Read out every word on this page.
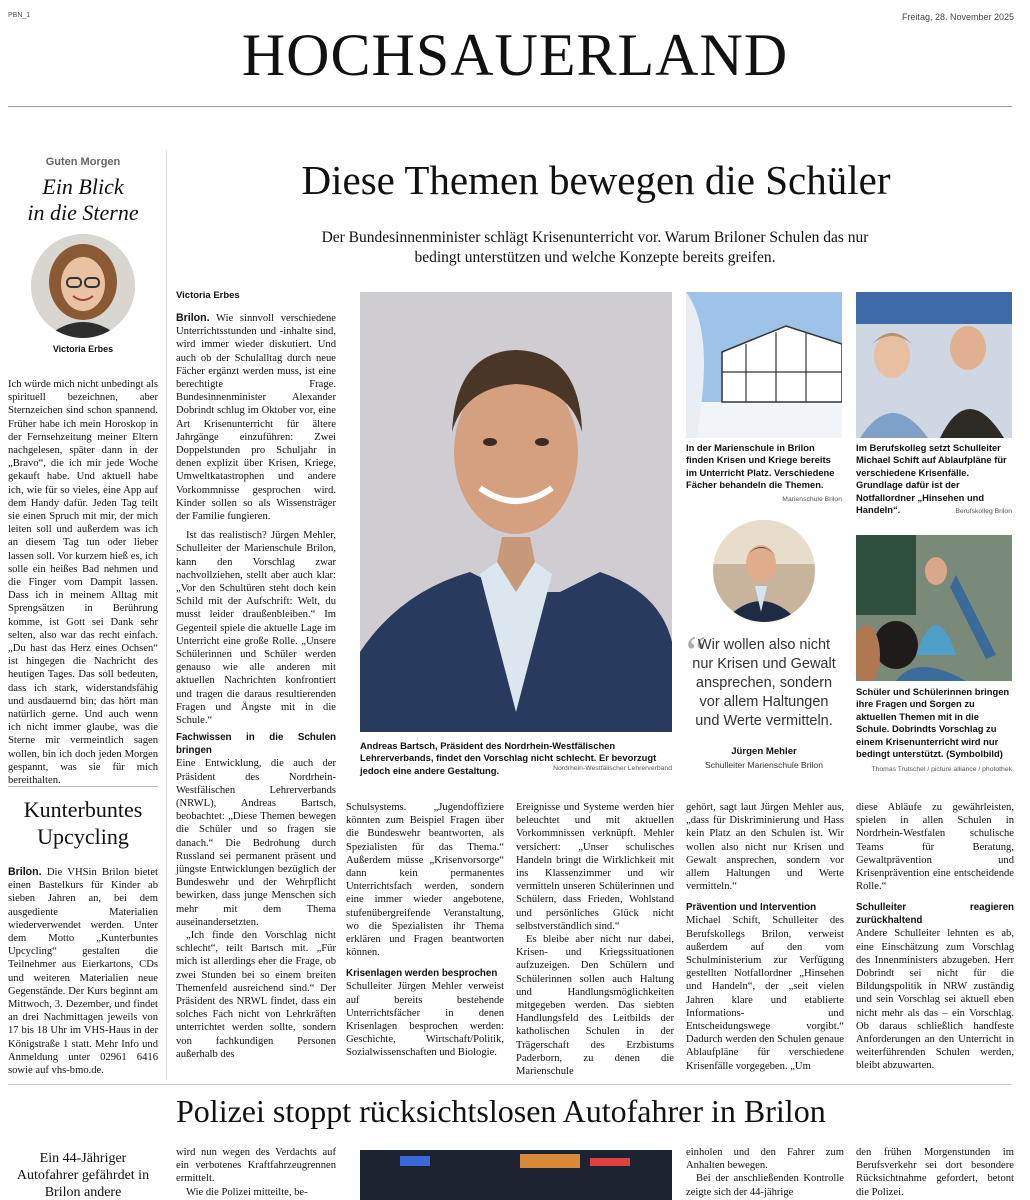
PBN_1	Freitag, 28. November 2025
HOCHSAUERLAND
Guten Morgen
Ein Blick
in die Sterne
Victoria Erbes
Ich würde mich nicht unbedingt als spirituell bezeichnen, aber Sternzeichen sind schon spannend. Früher habe ich mein Horoskop in der Fernsehzeitung meiner Eltern nachgelesen, später dann in der „Bravo“, die ich mir jede Woche gekauft habe. Und aktuell habe ich, wie für so vieles, eine App auf dem Handy dafür. Jeden Tag teilt sie einen Spruch mit mir, der mich leiten soll und außerdem was ich an diesem Tag tun oder lieber lassen soll. Vor kurzem hieß es, ich solle ein heißes Bad nehmen und die Finger vom Dampit lassen. Dass ich in meinem Alltag mit Sprengsätzen in Berührung komme, ist Gott sei Dank sehr selten, also war das recht einfach. „Du hast das Herz eines Ochsen“ ist hingegen die Nachricht des heutigen Tages. Das soll bedeuten, dass ich stark, widerstandsfähig und ausdauernd bin; das hört man natürlich gerne. Und auch wenn ich nicht immer glaube, was die Sterne mir vermeintlich sagen wollen, bin ich doch jeden Morgen gespannt, was sie für mich bereithalten.
Kunterbuntes
Upcycling
Brilon. Die VHSin Brilon bietet einen Bastelkurs für Kinder ab sieben Jahren an, bei dem ausgediente Materialien wiederverwendet werden. Unter dem Motto „Kunterbuntes Upcycling“ gestalten die Teilnehmer aus Eierkartons, CDs und weiteren Materialien neue Gegenstände. Der Kurs beginnt am Mittwoch, 3. Dezember, und findet an drei Nachmittagen jeweils von 17 bis 18 Uhr im VHS-Haus in der Königstraße 1 statt. Mehr Info und Anmeldung unter 02961 6416 sowie auf vhs-bmo.de.
Diese Themen bewegen die Schüler
Der Bundesinnenminister schlägt Krisenunterricht vor. Warum Briloner Schulen das nur bedingt unterstützen und welche Konzepte bereits greifen.
Victoria Erbes

Brilon. Wie sinnvoll verschiedene Unterrichtsstunden und -inhalte sind, wird immer wieder diskutiert. Und auch ob der Schulalltag durch neue Fächer ergänzt werden muss, ist eine berechtigte Frage. Bundesinnenminister Alexander Dobrindt schlug im Oktober vor, eine Art Krisenunterricht für ältere Jahrgänge einzuführen: Zwei Doppelstunden pro Schuljahr in denen explizit über Krisen, Kriege, Umweltkatastrophen und andere Vorkommnisse gesprochen wird. Kinder sollen so als Wissensträger der Familie fungieren.

Ist das realistisch? Jürgen Mehler, Schulleiter der Marienschule Brilon, kann den Vorschlag zwar nachvollziehen, stellt aber auch klar: „Vor den Schultüren steht doch kein Schild mit der Aufschrift: Welt, du musst leider draußenbleiben.“ Im Gegenteil spiele die aktuelle Lage im Unterricht eine große Rolle. „Unsere Schülerinnen und Schüler werden genauso wie alle anderen mit aktuellen Nachrichten konfrontiert und tragen die daraus resultierenden Fragen und Ängste mit in die Schule.“

Fachwissen in die Schulen bringen

Eine Entwicklung, die auch der Präsident des Nordrhein-Westfälischen Lehrerverbands (NRWL), Andreas Bartsch, beobachtet: „Diese Themen bewegen die Schüler und so fragen sie danach.“ Die Bedrohung durch Russland sei permanent präsent und jüngste Entwicklungen bezüglich der Bundeswehr und der Wehrpflicht bewirken, dass junge Menschen sich mehr mit dem Thema auseinandersetzten.

„Ich finde den Vorschlag nicht schlecht“, teilt Bartsch mit. „Für mich ist allerdings eher die Frage, ob zwei Stunden bei so einem breiten Themenfeld ausreichend sind.“ Der Präsident des NRWL findet, dass ein solches Fach nicht von Lehrkräften unterrichtet werden sollte, sondern von fachkundigen Personen außerhalb des

Andreas Bartsch, Präsident des Nordrhein-Westfälischen Lehrerverbands, findet den Vorschlag nicht schlecht. Er bevorzugt jedoch eine andere Gestaltung.	Nordrhein-Westfälischer Lehrerverband
In der Marienschule in Brilon finden Krisen und Kriege bereits im Unterricht Platz. Verschiedene Fächer behandeln die Themen.
Marienschule Brilon
Im Berufskolleg setzt Schulleiter Michael Schift auf Ablaufpläne für verschiedene Krisenfälle. Grundlage dafür ist der Notfallordner „Hinsehen und Handeln“.	Berufskolleg Brilon
“
Wir wollen also nicht nur Krisen und Gewalt ansprechen, sondern vor allem Haltungen und Werte vermitteln.
Jürgen Mehler
Schulleiter Marienschule Brilon
Schüler und Schülerinnen bringen ihre Fragen und Sorgen zu aktuellen Themen mit in die Schule. Dobrindts Vorschlag zu einem Krisenunterricht wird nur bedingt unterstützt. (Symbolbild)
Thomas Trutschel / picture alliance / photothek

Schulsystems. „Jugendoffiziere könnten zum Beispiel Fragen über die Bundeswehr beantworten, als Spezialisten für das Thema.“ Außerdem müsse „Krisenvorsorge“ dann kein permanentes Unterrichtsfach werden, sondern eine immer wieder angebotene, stufenübergreifende Veranstaltung, wo die Spezialisten ihr Thema erklären und Fragen beantworten können.

Krisenlagen werden besprochen

Schulleiter Jürgen Mehler verweist auf bereits bestehende Unterrichtsfächer in denen Krisenlagen besprochen werden: Geschichte, Wirtschaft/Politik, Sozialwissenschaften und Biologie.

Ereignisse und Systeme werden hier beleuchtet und mit aktuellen Vorkommnissen verknüpft. Mehler versichert: „Unser schulisches Handeln bringt die Wirklichkeit mit ins Klassenzimmer und wir vermitteln unseren Schülerinnen und Schülern, dass Frieden, Wohlstand und persönliches Glück nicht selbstverständlich sind.“

Es bleibe aber nicht nur dabei, Krisen- und Kriegssituationen aufzuzeigen. Den Schülern und Schülerinnen sollen auch Haltung und Handlungsmöglichkeiten mitgegeben werden. Das siebten Handlungsfeld des Leitbilds der katholischen Schulen in der Trägerschaft des Erzbistums Paderborn, zu denen die Marienschule

gehört, sagt laut Jürgen Mehler aus, „dass für Diskriminierung und Hass kein Platz an den Schulen ist. Wir wollen also nicht nur Krisen und Gewalt ansprechen, sondern vor allem Haltungen und Werte vermitteln.“

Prävention und Intervention

Michael Schift, Schulleiter des Berufskollegs Brilon, verweist außerdem auf den vom Schulministerium zur Verfügung gestellten Notfallordner „Hinsehen und Handeln“, der „seit vielen Jahren klare und etablierte Informations- und Entscheidungswege vorgibt.“ Dadurch werden den Schulen genaue Ablaufpläne für verschiedene Krisenfälle vorgegeben. „Um

diese Abläufe zu gewährleisten, spielen in allen Schulen in Nordrhein-Westfalen schulische Teams für Beratung, Gewaltprävention und Krisenprävention eine entscheidende Rolle.“

Schulleiter reagieren zurückhaltend

Andere Schulleiter lehnten es ab, eine Einschätzung zum Vorschlag des Innenministers abzugeben. Herr Dobrindt sei nicht für die Bildungspolitik in NRW zuständig und sein Vorschlag sei aktuell eben nicht mehr als das – ein Vorschlag. Ob daraus schließlich handfeste Anforderungen an den Unterricht in weiterführenden Schulen werden, bleibt abzuwarten.

Polizei stoppt rücksichtslosen Autofahrer in Brilon
Ein 44-Jähriger Autofahrer gefährdet in Brilon andere

wird nun wegen des Verdachts auf ein verbotenes Kraftfahrzeugrennen ermittelt.

Wie die Polizei mitteilte, be-

einholen und den Fahrer zum Anhalten bewegen.

Bei der anschließenden Kontrolle zeigte sich der 44-jährige

den frühen Morgenstunden im Berufsverkehr sei dort besondere Rücksichtnahme gefordert, betont die Polizei.
